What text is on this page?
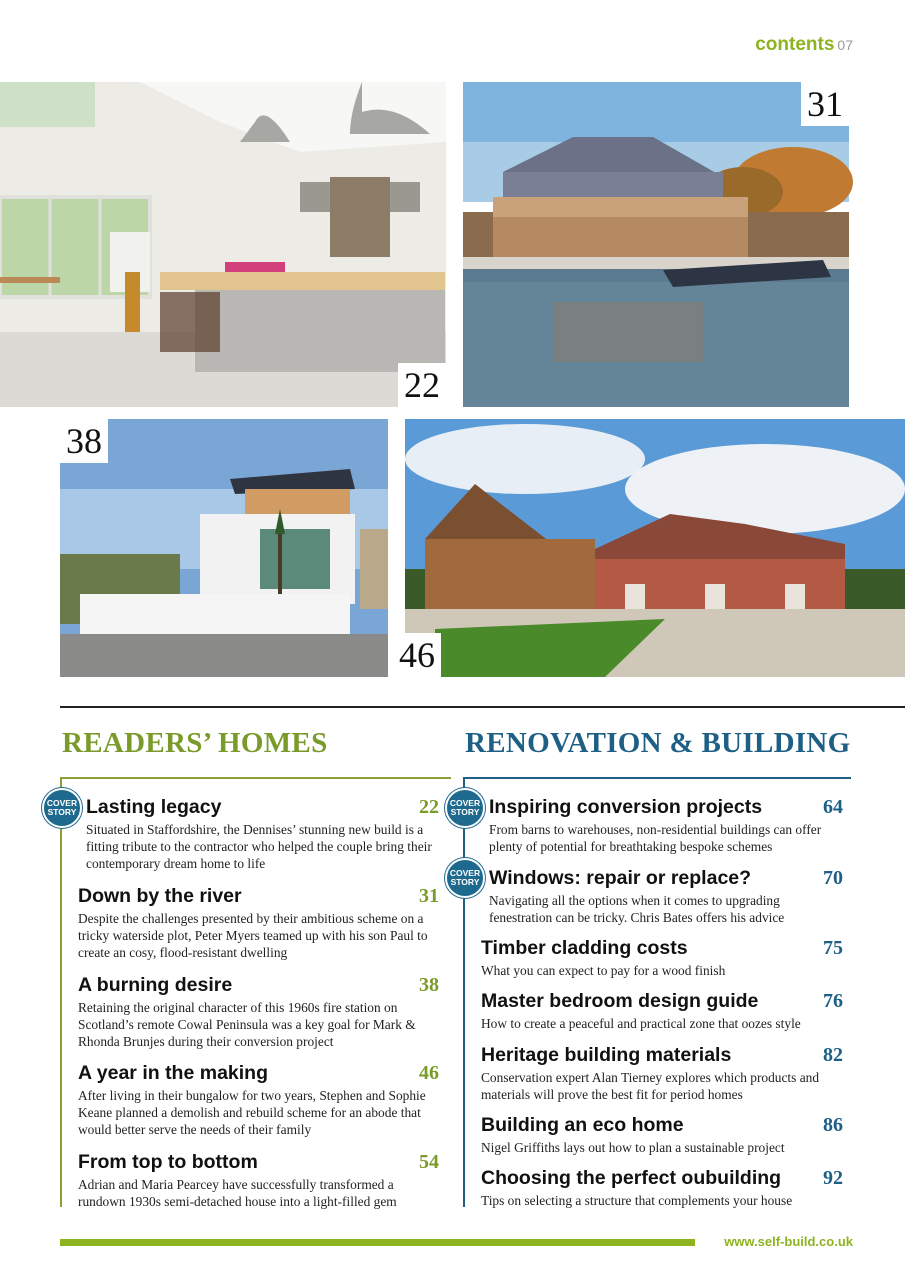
contents 07
22
31
38
46
READERS’ HOMES	RENOVATION & BUILDING
COVER
STORY Lasting legacy	22
Situated in Staffordshire, the Dennises’ stunning new build is a fitting tribute to the contractor who helped the couple bring their contemporary dream home to life
Down by the river	31
Despite the challenges presented by their ambitious scheme on a tricky waterside plot, Peter Myers teamed up with his son Paul to create an cosy, flood-resistant dwelling
A burning desire	38
Retaining the original character of this 1960s fire station on Scotland’s remote Cowal Peninsula was a key goal for Mark & Rhonda Brunjes during their conversion project
A year in the making	46
After living in their bungalow for two years, Stephen and Sophie Keane planned a demolish and rebuild scheme for an abode that would better serve the needs of their family
From top to bottom	54
Adrian and Maria Pearcey have successfully transformed a rundown 1930s semi-detached house into a light-filled gem
COVER
STORY
COVER
STORY
Inspiring conversion projects	64
From barns to warehouses, non-residential buildings can offer plenty of potential for breathtaking bespoke schemes
Windows: repair or replace?	70
Navigating all the options when it comes to upgrading fenestration can be tricky. Chris Bates offers his advice
Timber cladding costs	75
What you can expect to pay for a wood finish
Master bedroom design guide	76
How to create a peaceful and practical zone that oozes style
Heritage building materials	82
Conservation expert Alan Tierney explores which products and materials will prove the best fit for period homes
Building an eco home	86
Nigel Griffiths lays out how to plan a sustainable project
Choosing the perfect oubuilding	92
Tips on selecting a structure that complements your house
www.self-build.co.uk
